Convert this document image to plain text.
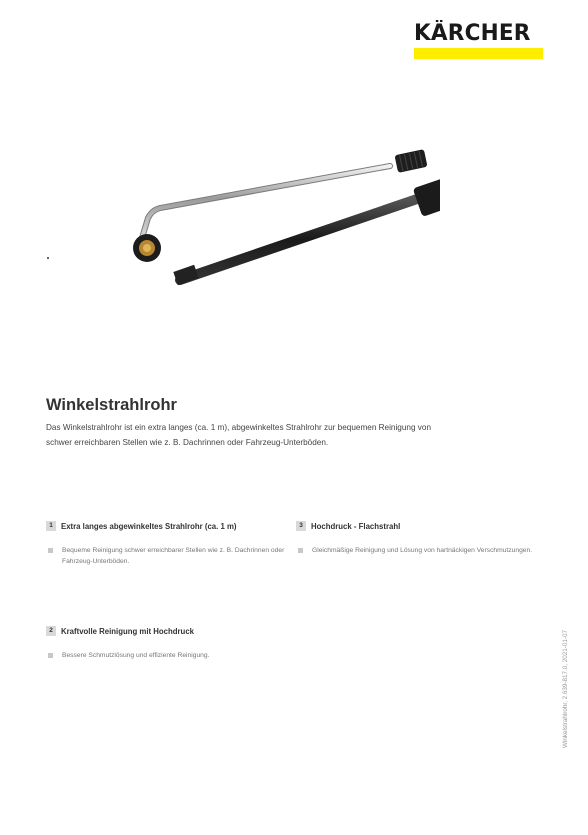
KÄRCHER
Winkelstrahlrohr
Das Winkelstrahlrohr ist ein extra langes (ca. 1 m), abgewinkeltes Strahlrohr zur bequemen Reinigung von schwer erreichbaren Stellen wie z. B. Dachrinnen oder Fahrzeug-Unterböden.
1	Extra langes abgewinkeltes Strahlrohr (ca. 1 m)
Bequeme Reinigung schwer erreichbarer Stellen wie z. B. Dachrinnen oder Fahrzeug-Unterböden.
2	Kraftvolle Reinigung mit Hochdruck
Bessere Schmutzlösung und effiziente Reinigung.
3	Hochdruck - Flachstrahl
Gleichmäßige Reinigung und Lösung von hartnäckigen Verschmutzungen.
Winkelstrahlrohr, 2.639-817.0, 2021-01-07
